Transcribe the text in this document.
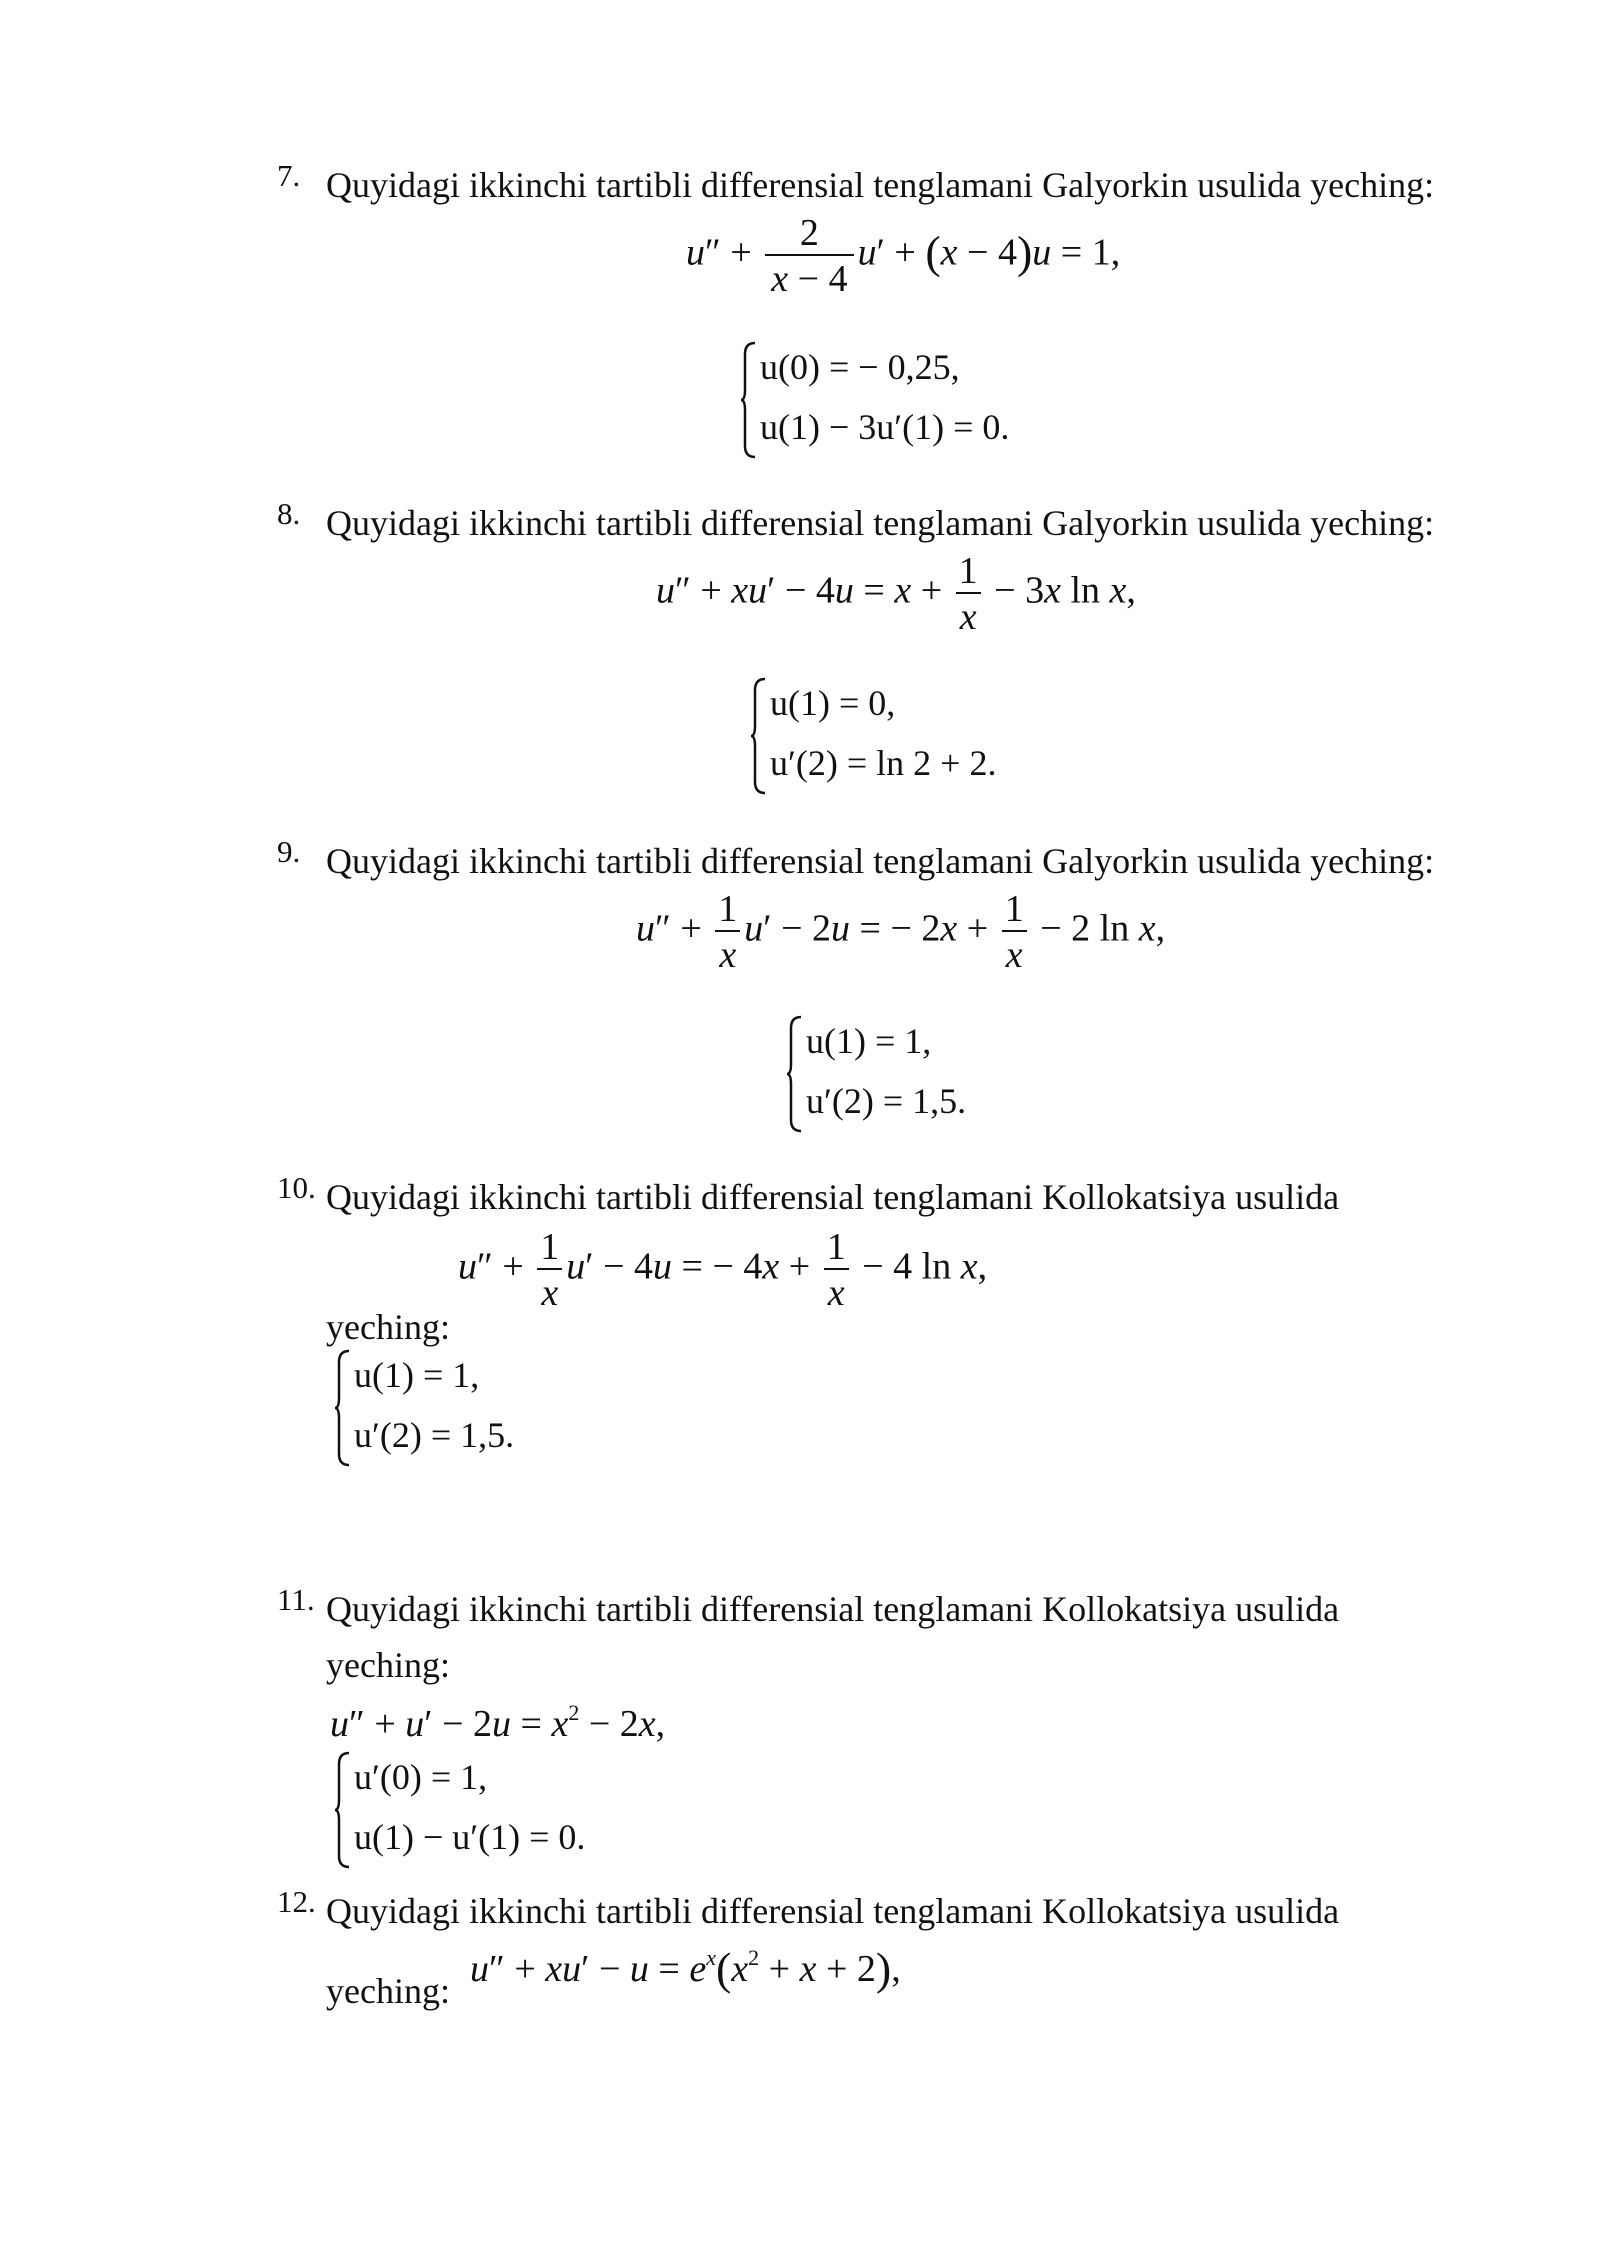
7. Quyidagi ikkinchi tartibli differensial tenglamani Galyorkin usulida yeching:
$u'' + \frac{2}{x - 4} u' + (x - 4)u = 1$,
u(0) = − 0,25,
u(1) − 3u′(1) = 0.
8. Quyidagi ikkinchi tartibli differensial tenglamani Galyorkin usulida yeching:
$u'' + xu' - 4u = x + \frac{1}{x} - 3x$ ln x,
u(1) = 0,
u′(2) = ln 2 + 2.
9. Quyidagi ikkinchi tartibli differensial tenglamani Galyorkin usulida yeching:
$u'' + \frac{1}{x} u' - 2u$ = − $2x + \frac{1}{x} - 2$ ln x,
u(1) = 1,
u′(2) = 1,5.
10. Quyidagi ikkinchi tartibli differensial tenglamani Kollokatsiya usulida
$u'' + \frac{1}{x} u' - 4u$ = − $4x + \frac{1}{x} - 4$ ln x,
yeching:
u(1) = 1,
u′(2) = 1,5.
11. Quyidagi ikkinchi tartibli differensial tenglamani Kollokatsiya usulida
yeching:
$u'' + u' - 2u = x^2 - 2x$,
u′(0) = 1,
u(1) − u′(1) = 0.
12. Quyidagi ikkinchi tartibli differensial tenglamani Kollokatsiya usulida
$u'' + xu' - u = e^x(x^2 + x + 2)$,
yeching:
